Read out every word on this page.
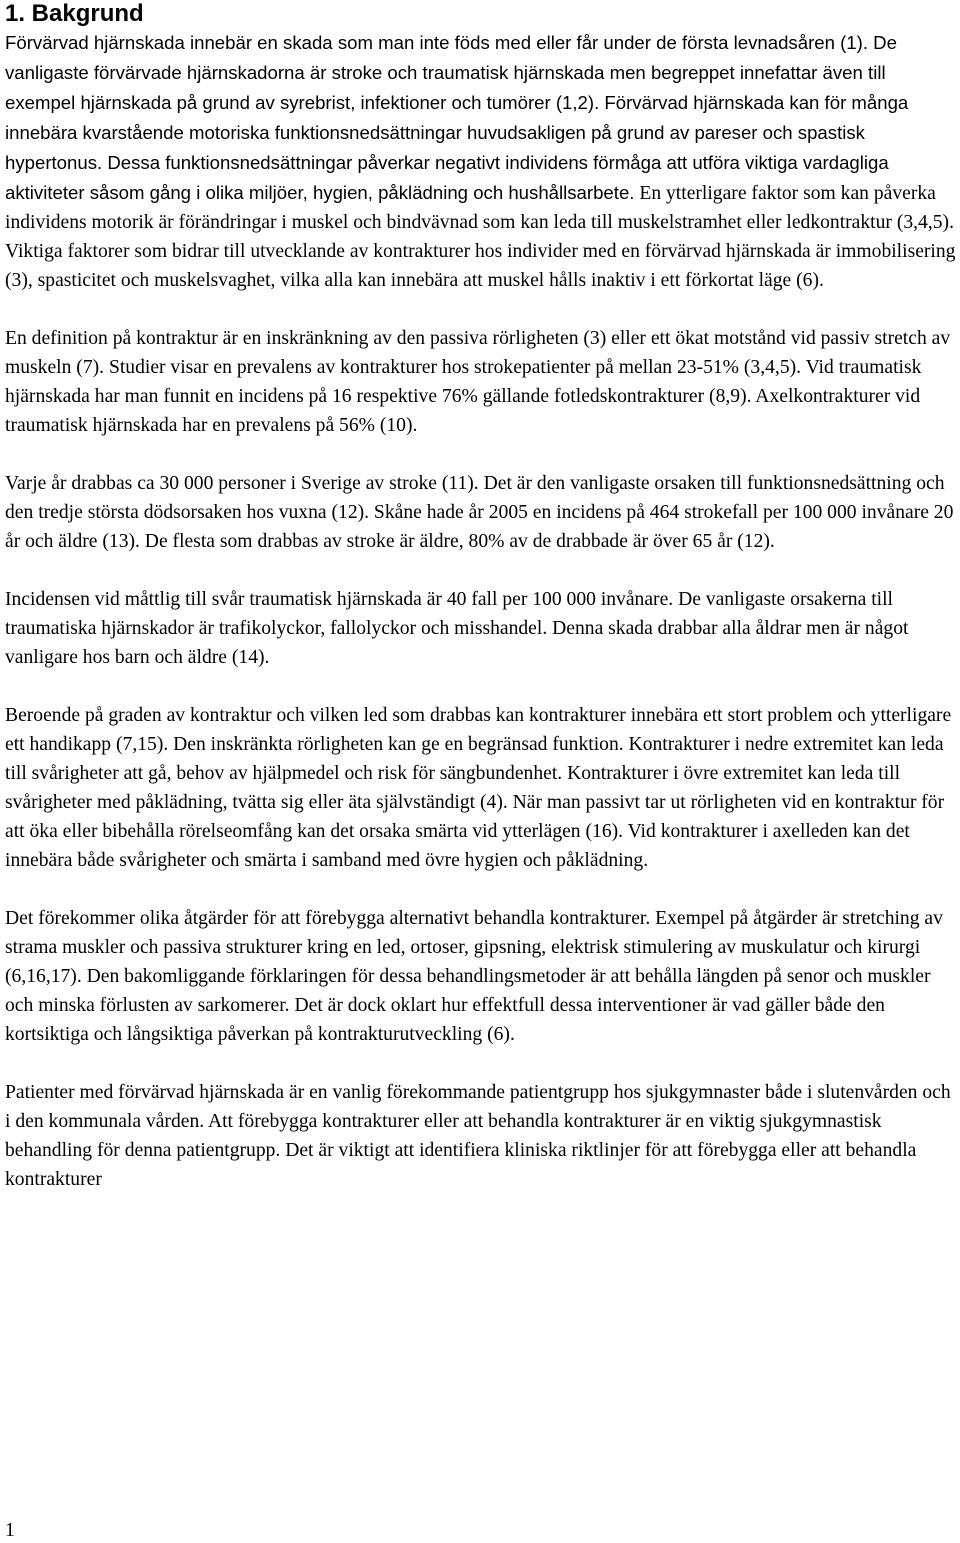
1. Bakgrund

Förvärvad hjärnskada innebär en skada som man inte föds med eller får under de första levnadsåren (1). De vanligaste förvärvade hjärnskadorna är stroke och traumatisk hjärnskada men begreppet innefattar även till exempel hjärnskada på grund av syrebrist, infektioner och tumörer (1,2). Förvärvad hjärnskada kan för många innebära kvarstående motoriska funktionsnedsättningar huvudsakligen på grund av pareser och spastisk hypertonus. Dessa funktionsnedsättningar påverkar negativt individens förmåga att utföra viktiga vardagliga aktiviteter såsom gång i olika miljöer, hygien, påklädning och hushållsarbete. En ytterligare faktor som kan påverka individens motorik är förändringar i muskel och bindvävnad som kan leda till muskelstramhet eller ledkontraktur (3,4,5). Viktiga faktorer som bidrar till utvecklande av kontrakturer hos individer med en förvärvad hjärnskada är immobilisering (3), spasticitet och muskelsvaghet, vilka alla kan innebära att muskel hålls inaktiv i ett förkortat läge (6).

En definition på kontraktur är en inskränkning av den passiva rörligheten (3) eller ett ökat motstånd vid passiv stretch av muskeln (7). Studier visar en prevalens av kontrakturer hos strokepatienter på mellan 23-51% (3,4,5). Vid traumatisk hjärnskada har man funnit en incidens på 16 respektive 76% gällande fotledskontrakturer (8,9). Axelkontrakturer vid traumatisk hjärnskada har en prevalens på 56% (10).

Varje år drabbas ca 30 000 personer i Sverige av stroke (11). Det är den vanligaste orsaken till funktionsnedsättning och den tredje största dödsorsaken hos vuxna (12). Skåne hade år 2005 en incidens på 464 strokefall per 100 000 invånare 20 år och äldre (13). De flesta som drabbas av stroke är äldre, 80% av de drabbade är över 65 år (12).

Incidensen vid måttlig till svår traumatisk hjärnskada är 40 fall per 100 000 invånare. De vanligaste orsakerna till traumatiska hjärnskador är trafikolyckor, fallolyckor och misshandel. Denna skada drabbar alla åldrar men är något vanligare hos barn och äldre (14).

Beroende på graden av kontraktur och vilken led som drabbas kan kontrakturer innebära ett stort problem och ytterligare ett handikapp (7,15). Den inskränkta rörligheten kan ge en begränsad funktion. Kontrakturer i nedre extremitet kan leda till svårigheter att gå, behov av hjälpmedel och risk för sängbundenhet. Kontrakturer i övre extremitet kan leda till svårigheter med påklädning, tvätta sig eller äta självständigt (4). När man passivt tar ut rörligheten vid en kontraktur för att öka eller bibehålla rörelseomfång kan det orsaka smärta vid ytterlägen (16). Vid kontrakturer i axelleden kan det innebära både svårigheter och smärta i samband med övre hygien och påklädning.

Det förekommer olika åtgärder för att förebygga alternativt behandla kontrakturer. Exempel på åtgärder är stretching av strama muskler och passiva strukturer kring en led, ortoser, gipsning, elektrisk stimulering av muskulatur och kirurgi (6,16,17). Den bakomliggande förklaringen för dessa behandlingsmetoder är att behålla längden på senor och muskler och minska förlusten av sarkomerer. Det är dock oklart hur effektfull dessa interventioner är vad gäller både den kortsiktiga och långsiktiga påverkan på kontrakturutveckling (6).

Patienter med förvärvad hjärnskada är en vanlig förekommande patientgrupp hos sjukgymnaster både i slutenvården och i den kommunala vården. Att förebygga kontrakturer eller att behandla kontrakturer är en viktig sjukgymnastisk behandling för denna patientgrupp. Det är viktigt att identifiera kliniska riktlinjer för att förebygga eller att behandla kontrakturer

1
